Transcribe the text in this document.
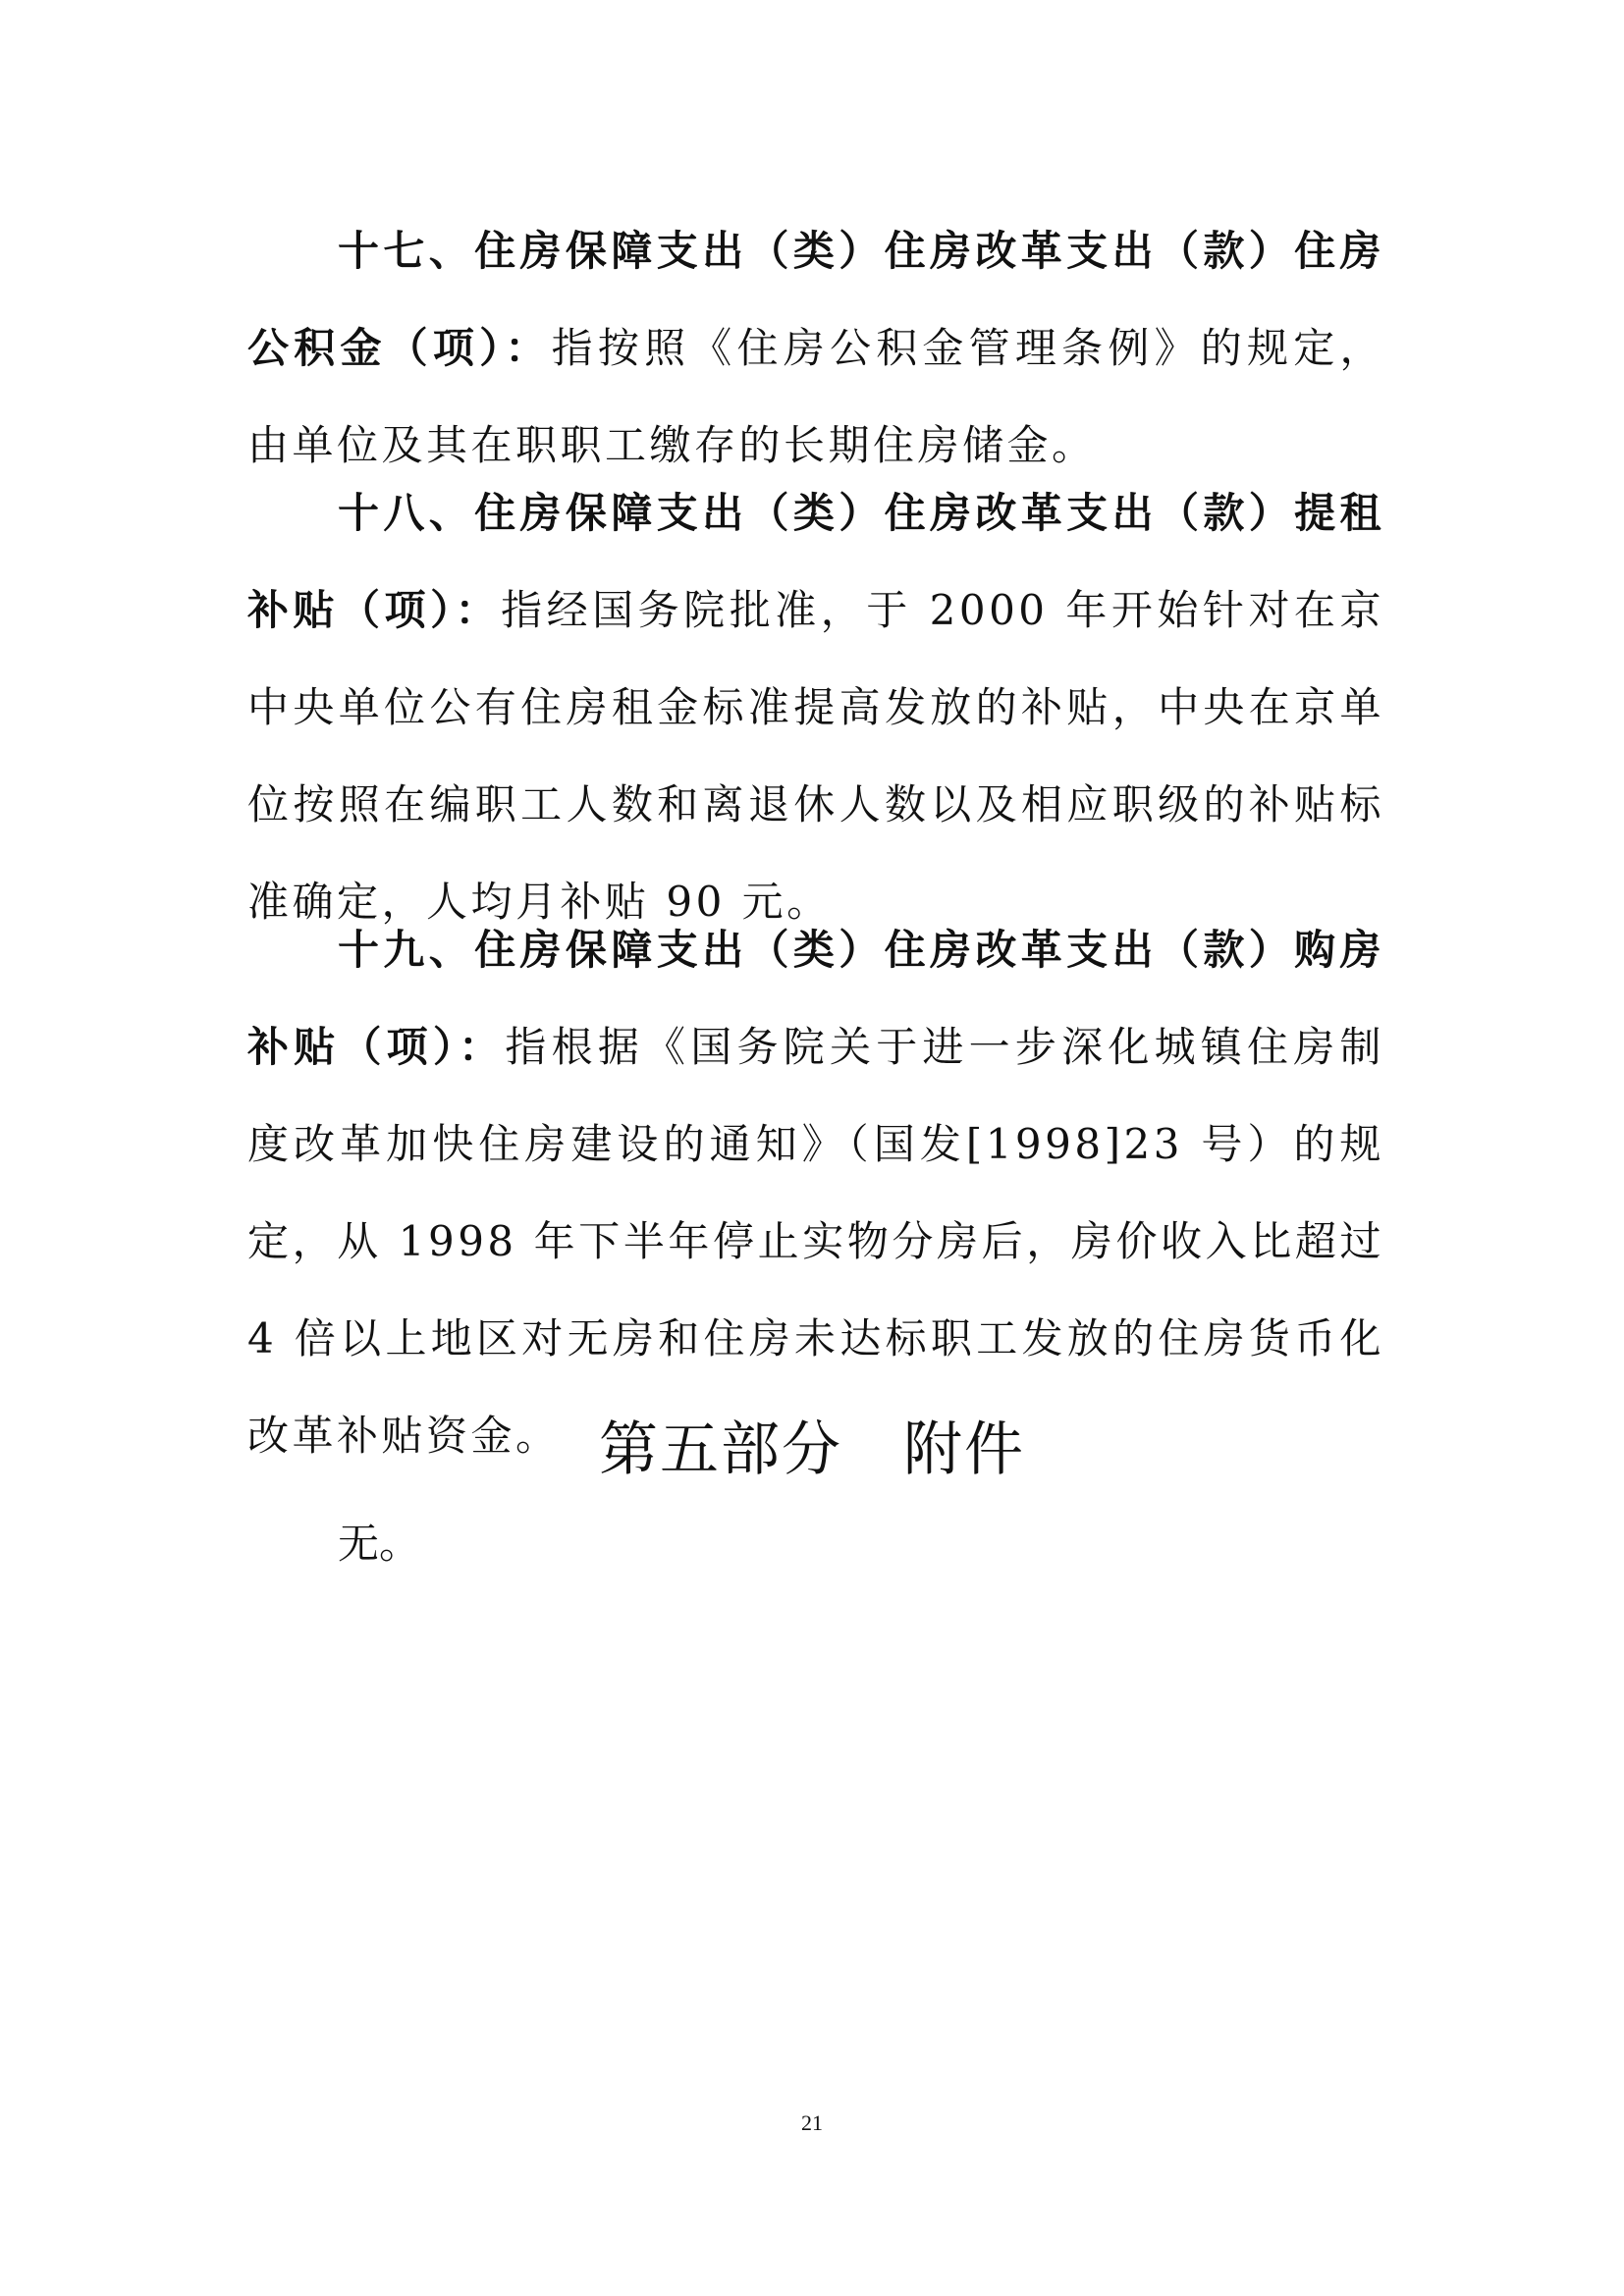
十七、住房保障支出（类）住房改革支出（款）住房公积金（项）：指按照《住房公积金管理条例》的规定，由单位及其在职职工缴存的长期住房储金。

十八、住房保障支出（类）住房改革支出（款）提租补贴（项）：指经国务院批准，于 2000 年开始针对在京中央单位公有住房租金标准提高发放的补贴，中央在京单位按照在编职工人数和离退休人数以及相应职级的补贴标准确定，人均月补贴 90 元。

十九、住房保障支出（类）住房改革支出（款）购房补贴（项）：指根据《国务院关于进一步深化城镇住房制度改革加快住房建设的通知》（国发[1998]23 号）的规定，从 1998 年下半年停止实物分房后，房价收入比超过 4 倍以上地区对无房和住房未达标职工发放的住房货币化改革补贴资金。 第五部分　附件
无。
21
